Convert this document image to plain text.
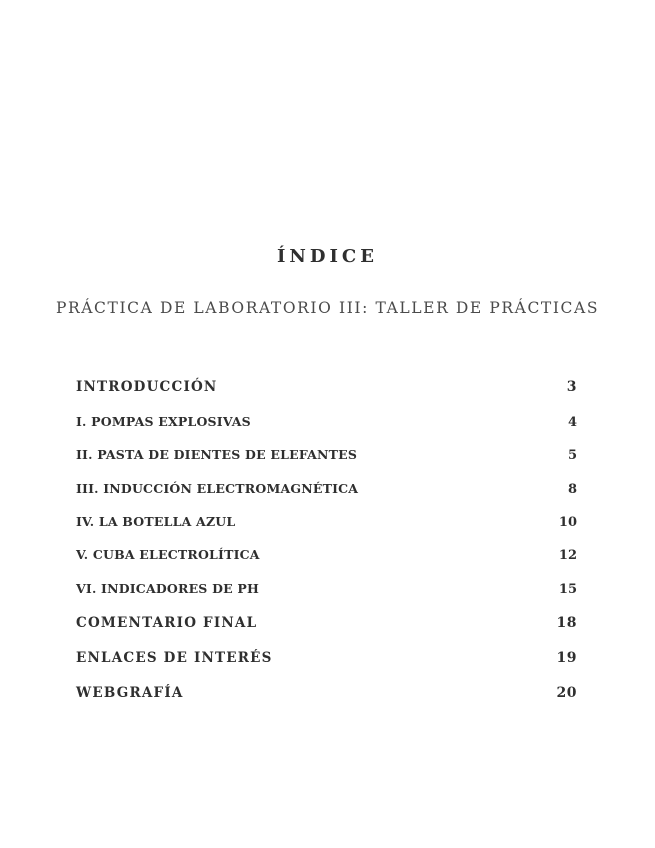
ÍNDICE
PRÁCTICA DE LABORATORIO III: TALLER DE PRÁCTICAS
INTRODUCCIÓN	3
I. POMPAS EXPLOSIVAS	4
II. PASTA DE DIENTES DE ELEFANTES	5
III. INDUCCIÓN ELECTROMAGNÉTICA	8
IV. LA BOTELLA AZUL	10
V. CUBA ELECTROLÍTICA	12
VI. INDICADORES DE PH	15
COMENTARIO FINAL	18
ENLACES DE INTERÉS	19
WEBGRAFÍA	20
